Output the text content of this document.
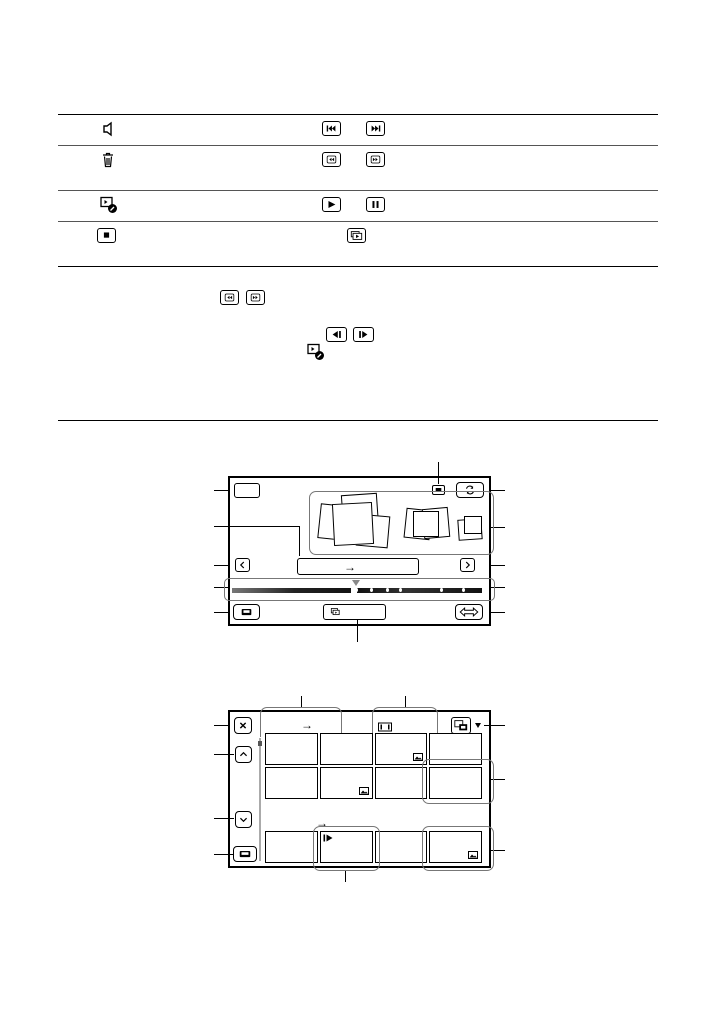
→
→
→
